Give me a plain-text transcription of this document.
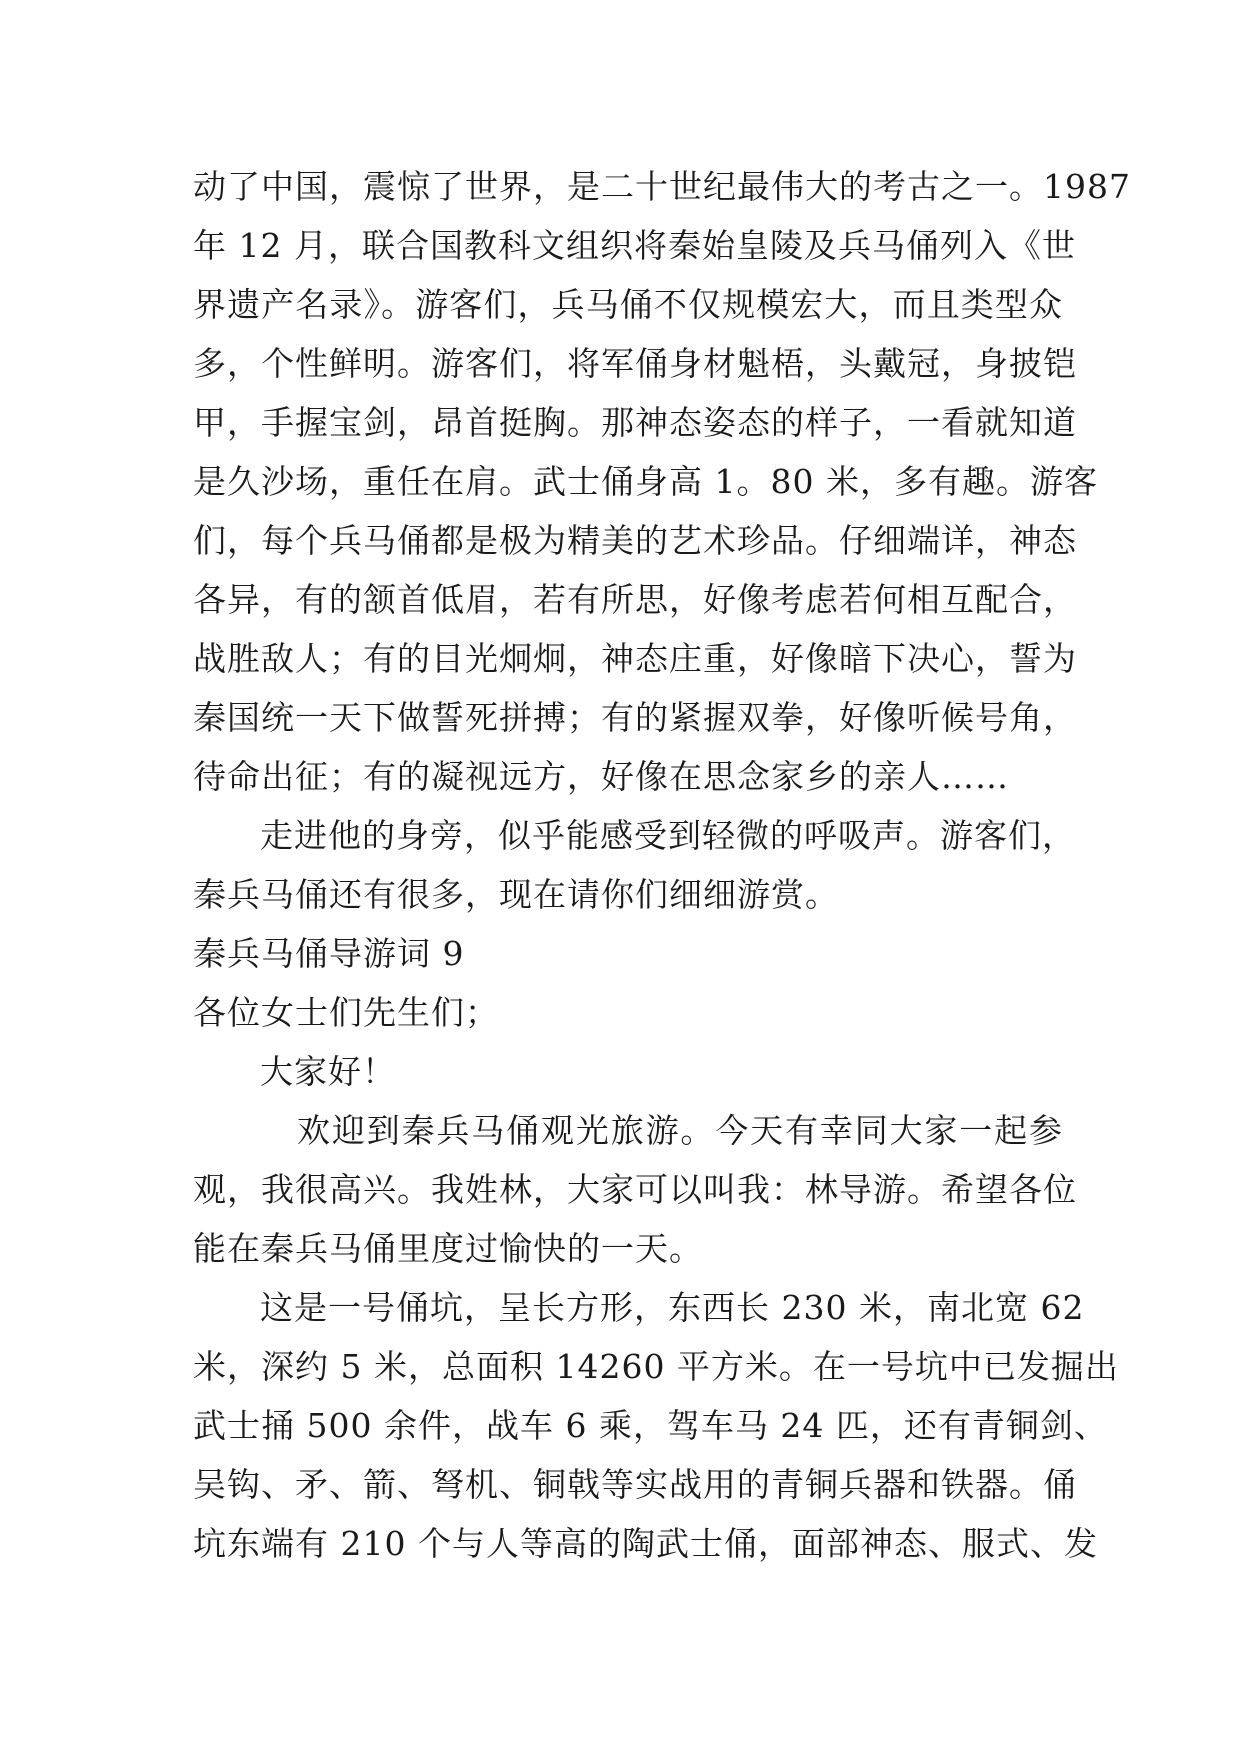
动了中国，震惊了世界，是二十世纪最伟大的考古之一。1987
年 12 月，联合国教科文组织将秦始皇陵及兵马俑列入《世
界遗产名录》。游客们，兵马俑不仅规模宏大，而且类型众
多，个性鲜明。游客们，将军俑身材魁梧，头戴冠，身披铠
甲，手握宝剑，昂首挺胸。那神态姿态的样子，一看就知道
是久沙场，重任在肩。武士俑身高 1。80 米，多有趣。游客
们，每个兵马俑都是极为精美的艺术珍品。仔细端详，神态
各异，有的颔首低眉，若有所思，好像考虑若何相互配合，
战胜敌人；有的目光炯炯，神态庄重，好像暗下决心，誓为
秦国统一天下做誓死拼搏；有的紧握双拳，好像听候号角，
待命出征；有的凝视远方，好像在思念家乡的亲人……
走进他的身旁，似乎能感受到轻微的呼吸声。游客们，
秦兵马俑还有很多，现在请你们细细游赏。
秦兵马俑导游词 9
各位女士们先生们；
大家好！
欢迎到秦兵马俑观光旅游。今天有幸同大家一起参
观，我很高兴。我姓林，大家可以叫我：林导游。希望各位
能在秦兵马俑里度过愉快的一天。
这是一号俑坑，呈长方形，东西长 230 米，南北宽 62
米，深约 5 米，总面积 14260 平方米。在一号坑中已发掘出
武士捅 500 余件，战车 6 乘，驾车马 24 匹，还有青铜剑、
吴钩、矛、箭、弩机、铜戟等实战用的青铜兵器和铁器。俑
坑东端有 210 个与人等高的陶武士俑，面部神态、服式、发
